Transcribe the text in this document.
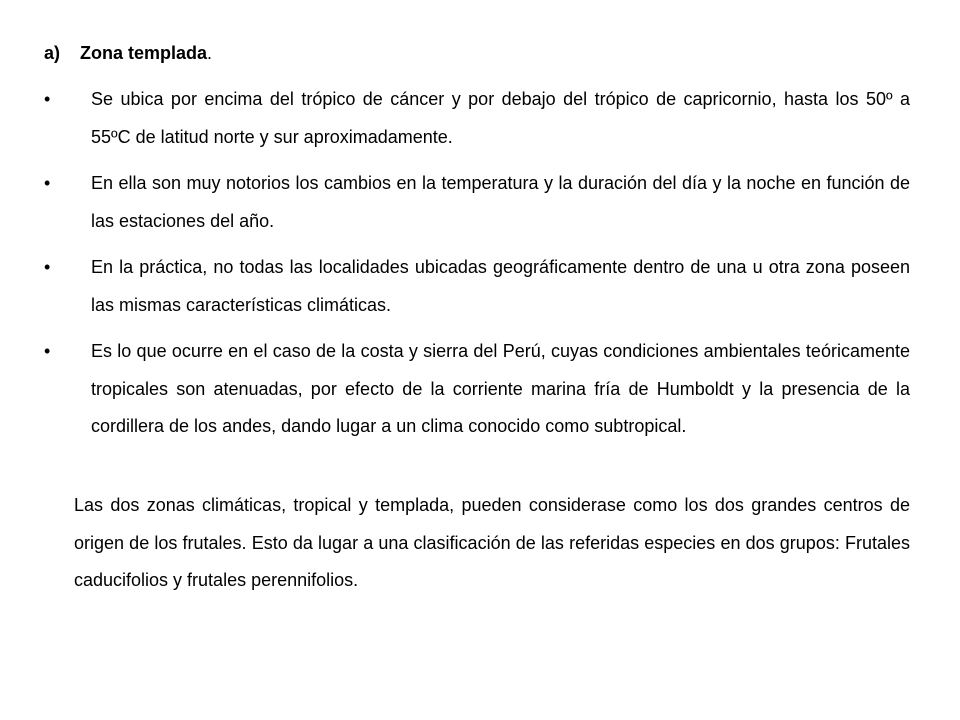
a) Zona templada.
•	Se ubica por encima del trópico de cáncer y por debajo del trópico de capricornio, hasta los 50º a 55ºC de latitud norte y sur aproximadamente.
•	En ella son muy notorios los cambios en la temperatura y la duración del día y la noche en función de las estaciones del año.
•	En la práctica, no todas las localidades ubicadas geográficamente dentro de una u otra zona poseen las mismas características climáticas.
•	Es lo que ocurre en el caso de la costa y sierra del Perú, cuyas condiciones ambientales teóricamente tropicales son atenuadas, por efecto de la corriente marina fría de Humboldt y la presencia de la cordillera de los andes, dando lugar a un clima conocido como subtropical.

Las dos zonas climáticas, tropical y templada, pueden considerase como los dos grandes centros de origen de los frutales. Esto da lugar a una clasificación de las referidas especies en dos grupos: Frutales caducifolios y frutales perennifolios.
